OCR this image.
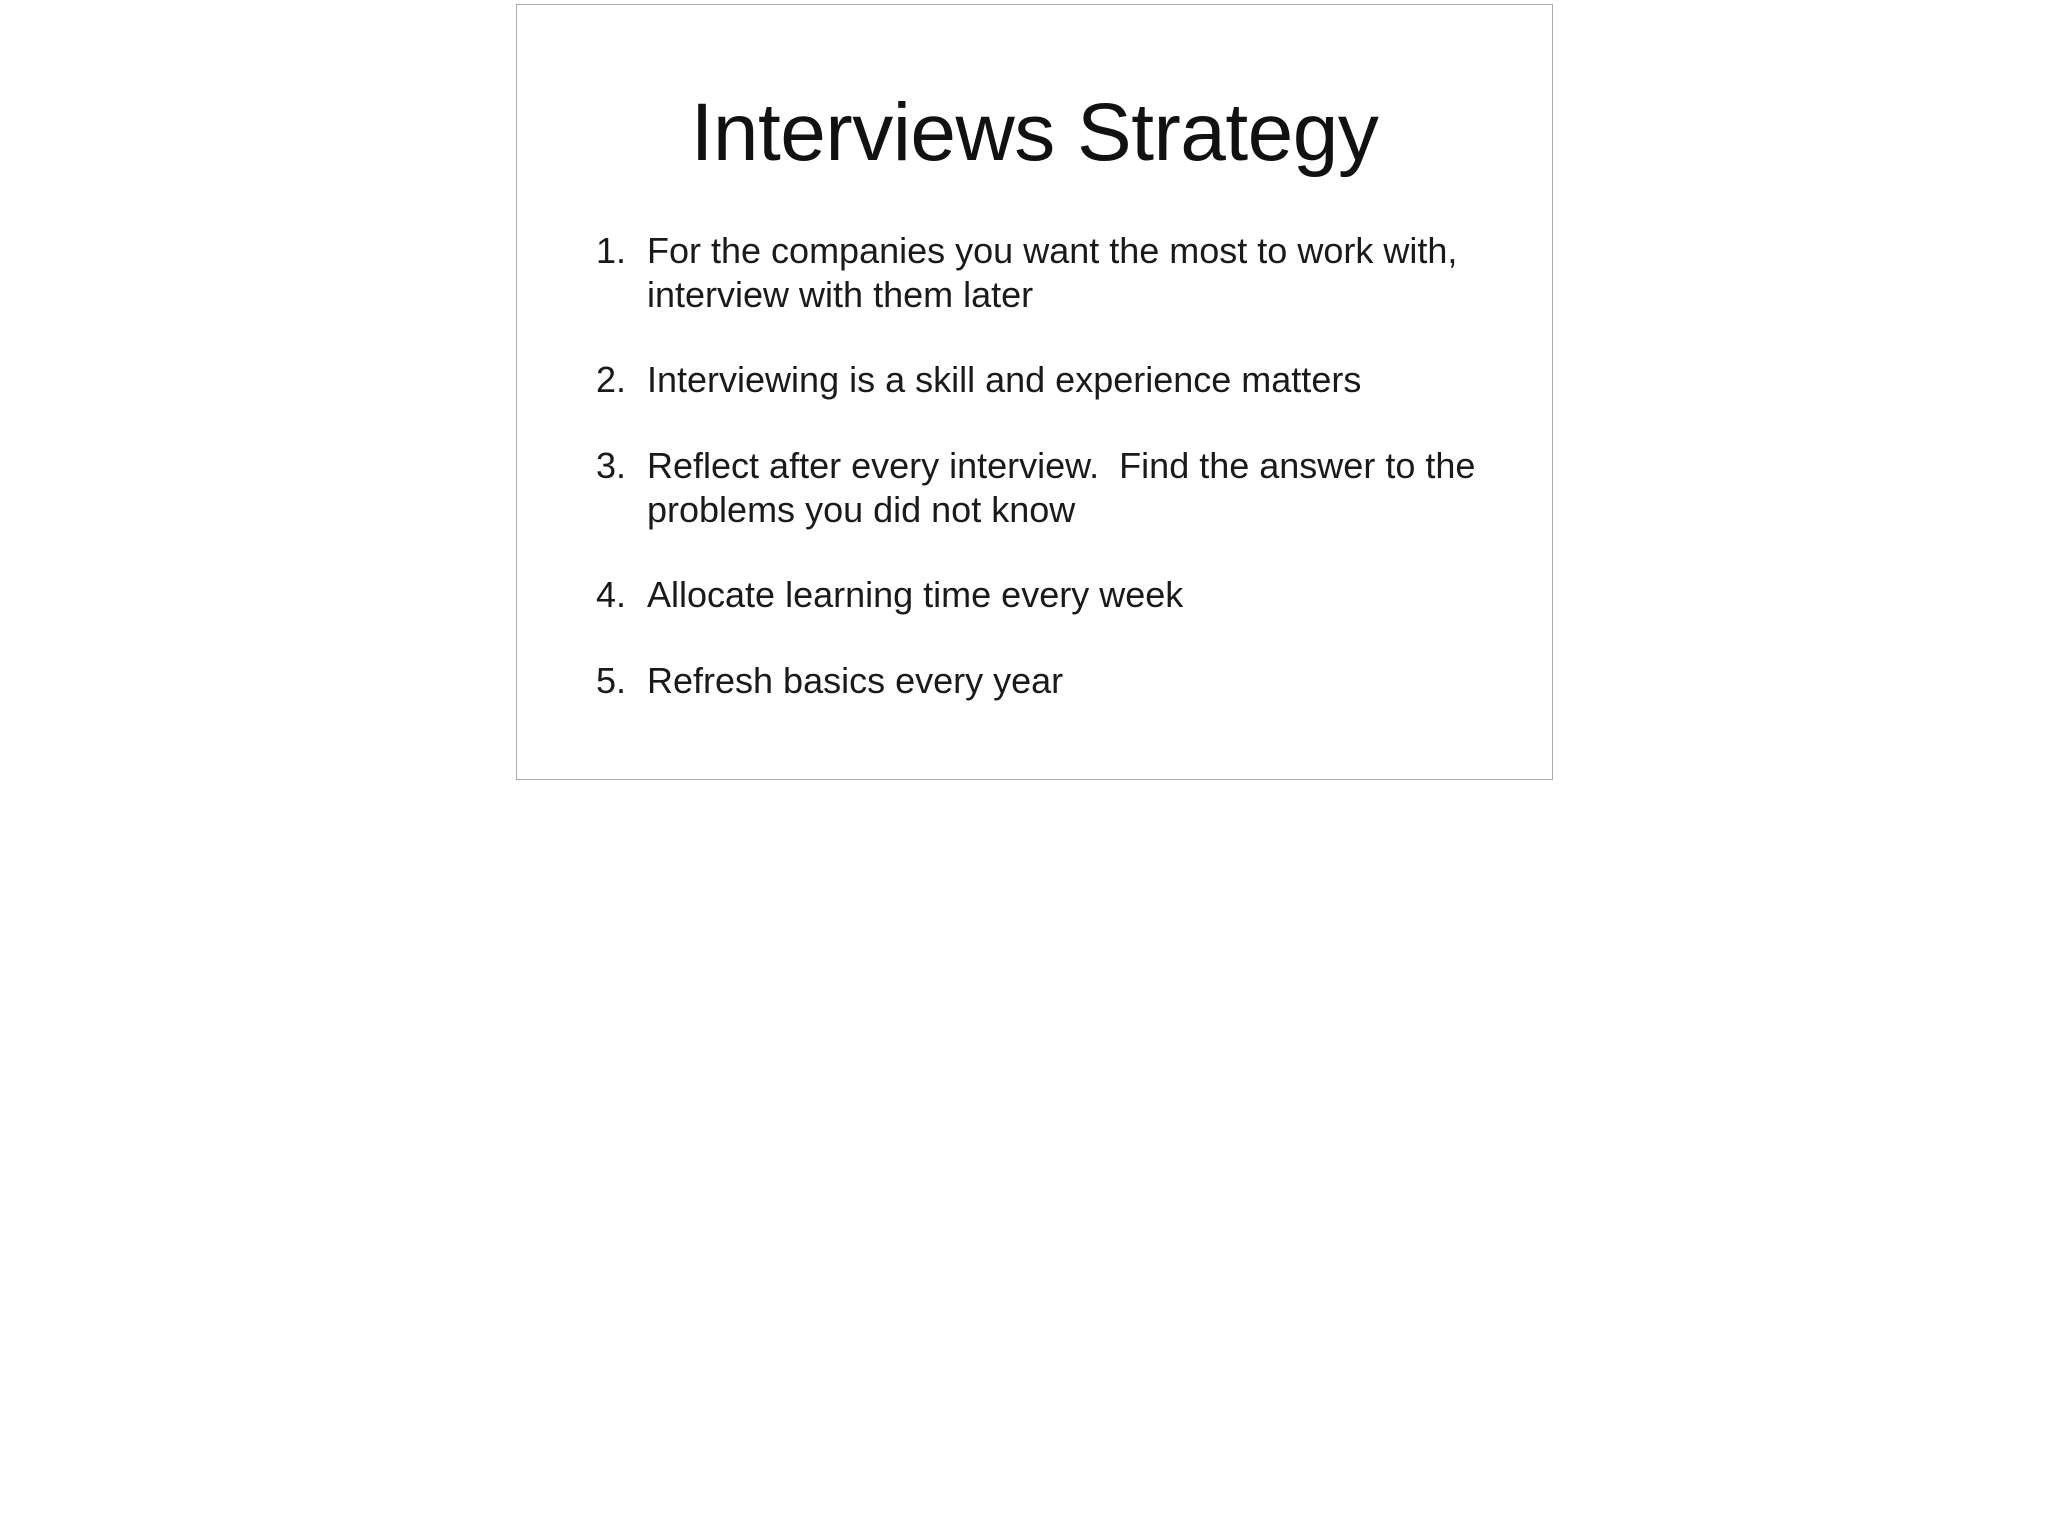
Interviews Strategy
1. For the companies you want the most to work with, interview with them later
2. Interviewing is a skill and experience matters
3. Reflect after every interview.  Find the answer to the problems you did not know
4. Allocate learning time every week
5. Refresh basics every year
